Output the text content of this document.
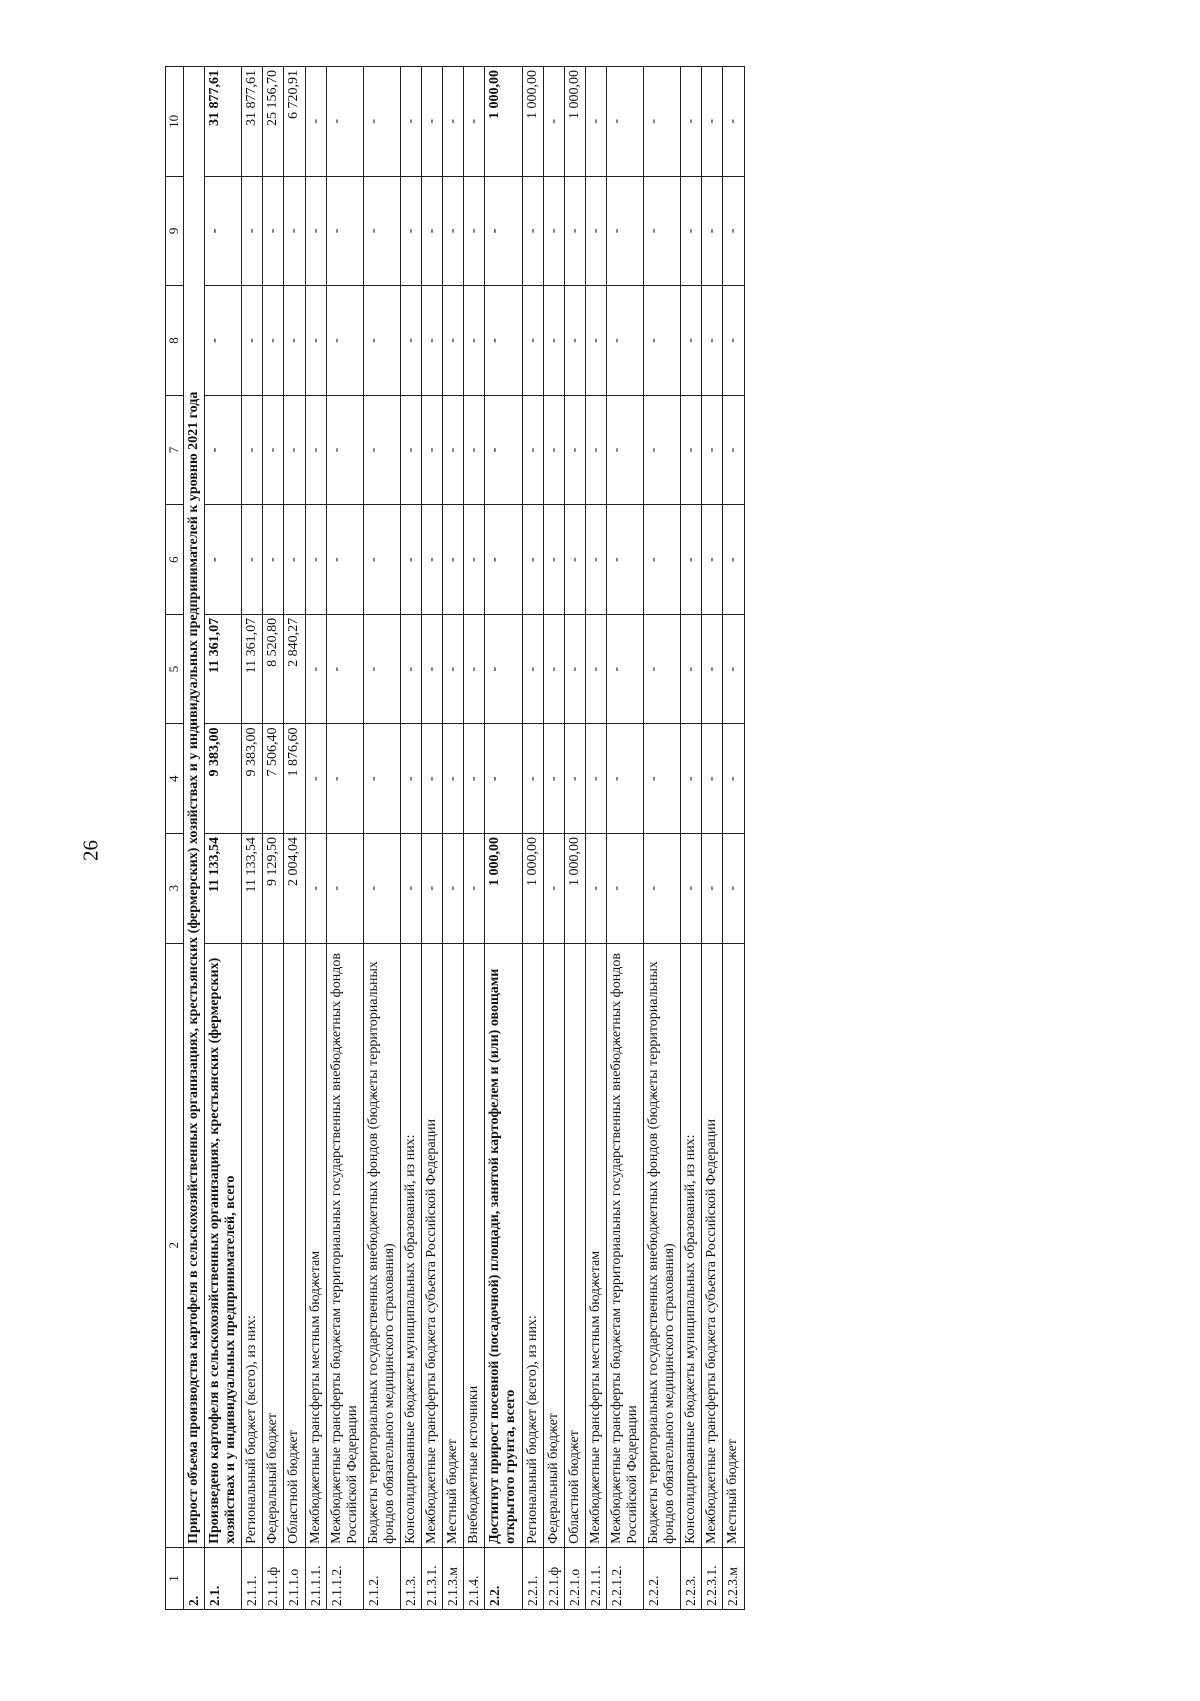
26
1	2	3	4	5	6	7	8	9	10
2.	Прирост объема производства картофеля в сельскохозяйственных организациях, крестьянских (фермерских) хозяйствах и у индивидуальных предпринимателей к уровню 2021 года								
2.1.	Произведено картофеля в сельскохозяйственных организациях, крестьянских (фермерских) хозяйствах и у индивидуальных предпринимателей, всего	11 133,54	9 383,00	11 361,07	-	-	-	-	31 877,61
2.1.1.	Региональный бюджет (всего), из них:	11 133,54	9 383,00	11 361,07	-	-	-	-	31 877,61
2.1.1.ф	Федеральный бюджет	9 129,50	7 506,40	8 520,80	-	-	-	-	25 156,70
2.1.1.о	Областной бюджет	2 004,04	1 876,60	2 840,27	-	-	-	-	6 720,91
2.1.1.1.	Межбюджетные трансферты местным бюджетам	-	-	-	-	-	-	-	-
2.1.1.2.	Межбюджетные трансферты бюджетам территориальных государственных внебюджетных фондов Российской Федерации	-	-	-	-	-	-	-	-
2.1.2.	Бюджеты территориальных государственных внебюджетных фондов (бюджеты территориальных фондов обязательного медицинского страхования)	-	-	-	-	-	-	-	-
2.1.3.	Консолидированные бюджеты муниципальных образований, из них:	-	-	-	-	-	-	-	-
2.1.3.1.	Межбюджетные трансферты бюджета субъекта Российской Федерации	-	-	-	-	-	-	-	-
2.1.3.м	Местный бюджет	-	-	-	-	-	-	-	-
2.1.4.	Внебюджетные источники	-	-	-	-	-	-	-	-
2.2.	Достигнут прирост посевной (посадочной) площади, занятой картофелем и (или) овощами открытого грунта, всего	1 000,00	-	-	-	-	-	-	1 000,00
2.2.1.	Региональный бюджет (всего), из них:	1 000,00	-	-	-	-	-	-	1 000,00
2.2.1.ф	Федеральный бюджет	-	-	-	-	-	-	-	-
2.2.1.о	Областной бюджет	1 000,00	-	-	-	-	-	-	1 000,00
2.2.1.1.	Межбюджетные трансферты местным бюджетам	-	-	-	-	-	-	-	-
2.2.1.2.	Межбюджетные трансферты бюджетам территориальных государственных внебюджетных фондов Российской Федерации	-	-	-	-	-	-	-	-
2.2.2.	Бюджеты территориальных государственных внебюджетных фондов (бюджеты территориальных фондов обязательного медицинского страхования)	-	-	-	-	-	-	-	-
2.2.3.	Консолидированные бюджеты муниципальных образований, из них:	-	-	-	-	-	-	-	-
2.2.3.1.	Межбюджетные трансферты бюджета субъекта Российской Федерации	-	-	-	-	-	-	-	-
2.2.3.м	Местный бюджет	-	-	-	-	-	-	-	-
